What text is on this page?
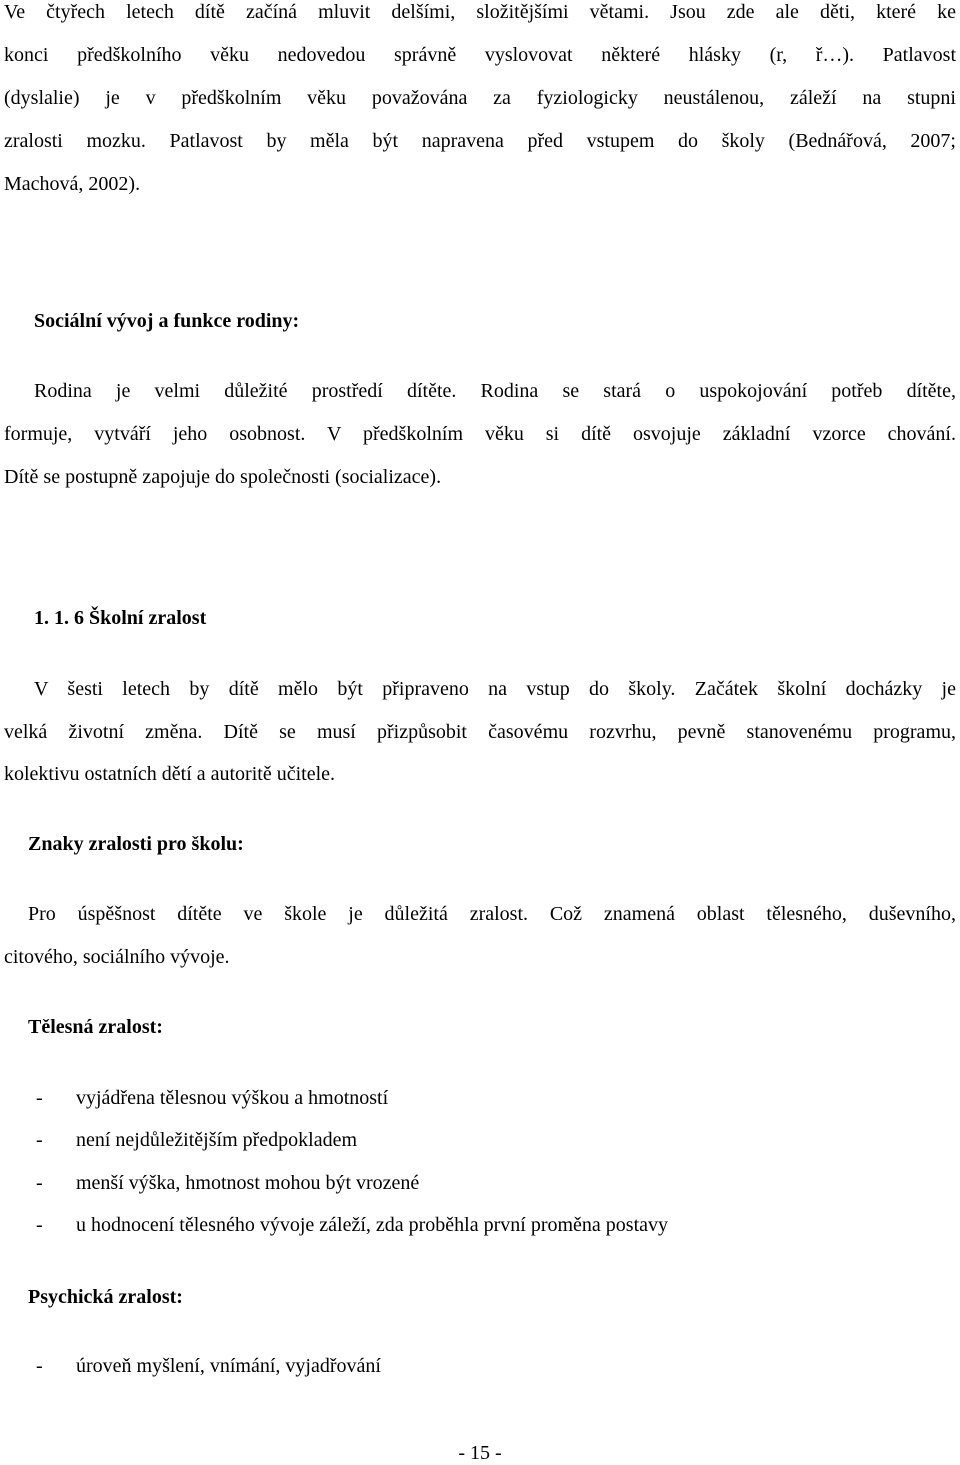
Ve čtyřech letech dítě začíná mluvit delšími, složitějšími větami. Jsou zde ale děti, které ke
konci předškolního věku nedovedou správně vyslovovat některé hlásky (r, ř…). Patlavost
(dyslalie) je v předškolním věku považována za fyziologicky neustálenou, záleží na stupni
zralosti mozku. Patlavost by měla být napravena před vstupem do školy (Bednářová, 2007;
Machová, 2002).
Sociální vývoj a funkce rodiny:
Rodina je velmi důležité prostředí dítěte. Rodina se stará o uspokojování potřeb dítěte,
formuje, vytváří jeho osobnost. V předškolním věku si dítě osvojuje základní vzorce chování.
Dítě se postupně zapojuje do společnosti (socializace).
1. 1. 6 Školní zralost
V šesti letech by dítě mělo být připraveno na vstup do školy. Začátek školní docházky je
velká životní změna. Dítě se musí přizpůsobit časovému rozvrhu, pevně stanovenému programu,
kolektivu ostatních dětí a autoritě učitele.
Znaky zralosti pro školu:
Pro úspěšnost dítěte ve škole je důležitá zralost. Což znamená oblast tělesného, duševního,
citového, sociálního vývoje.
Tělesná zralost:
- vyjádřena tělesnou výškou a hmotností
- není nejdůležitějším předpokladem
- menší výška, hmotnost mohou být vrozené
- u hodnocení tělesného vývoje záleží, zda proběhla první proměna postavy
Psychická zralost:
- úroveň myšlení, vnímání, vyjadřování
- 15 -
